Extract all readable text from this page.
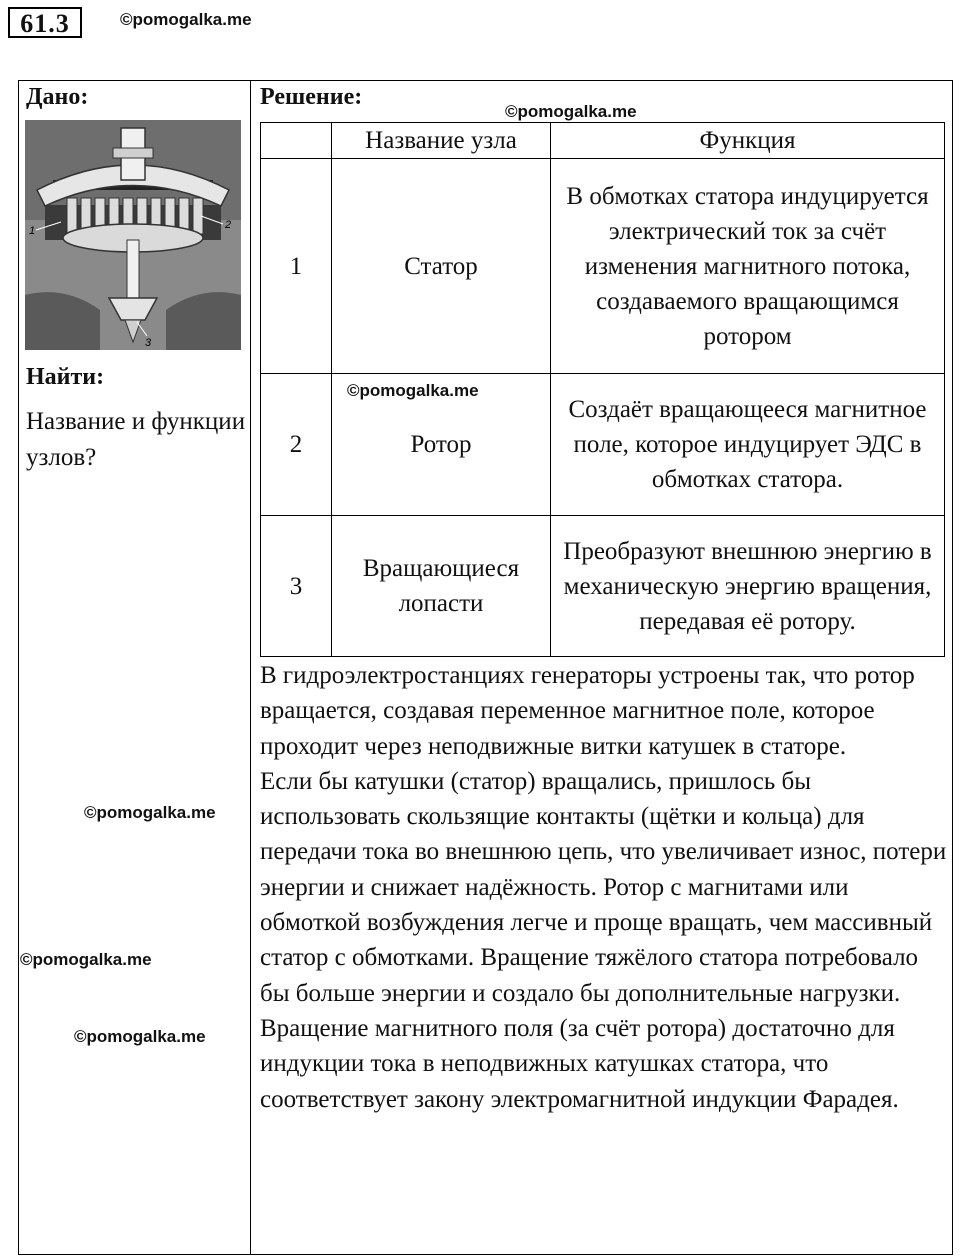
61.3	©pomogalka.me
©pomogalka.me
©pomogalka.me
©pomogalka.me
©pomogalka.me
©pomogalka.me
Дано:
1	2
3
Найти:
Название и функции узлов?
Решение:
	Название узла	Функция
1	Статор	В обмотках статора индуцируется электрический ток за счёт изменения магнитного потока, создаваемого вращающимся ротором
2	Ротор	Создаёт вращающееся магнитное поле, которое индуцирует ЭДС в обмотках статора.
3	Вращающиеся лопасти	Преобразуют внешнюю энергию в механическую энергию вращения, передавая её ротору.

В гидроэлектростанциях генераторы устроены так, что ротор вращается, создавая переменное магнитное поле, которое проходит через неподвижные витки катушек в статоре.

Если бы катушки (статор) вращались, пришлось бы использовать скользящие контакты (щётки и кольца) для передачи тока во внешнюю цепь, что увеличивает износ, потери энергии и снижает надёжность. Ротор с магнитами или обмоткой возбуждения легче и проще вращать, чем массивный статор с обмотками. Вращение тяжёлого статора потребовало бы больше энергии и создало бы дополнительные нагрузки. Вращение магнитного поля (за счёт ротора) достаточно для индукции тока в неподвижных катушках статора, что соответствует закону электромагнитной индукции Фарадея.
